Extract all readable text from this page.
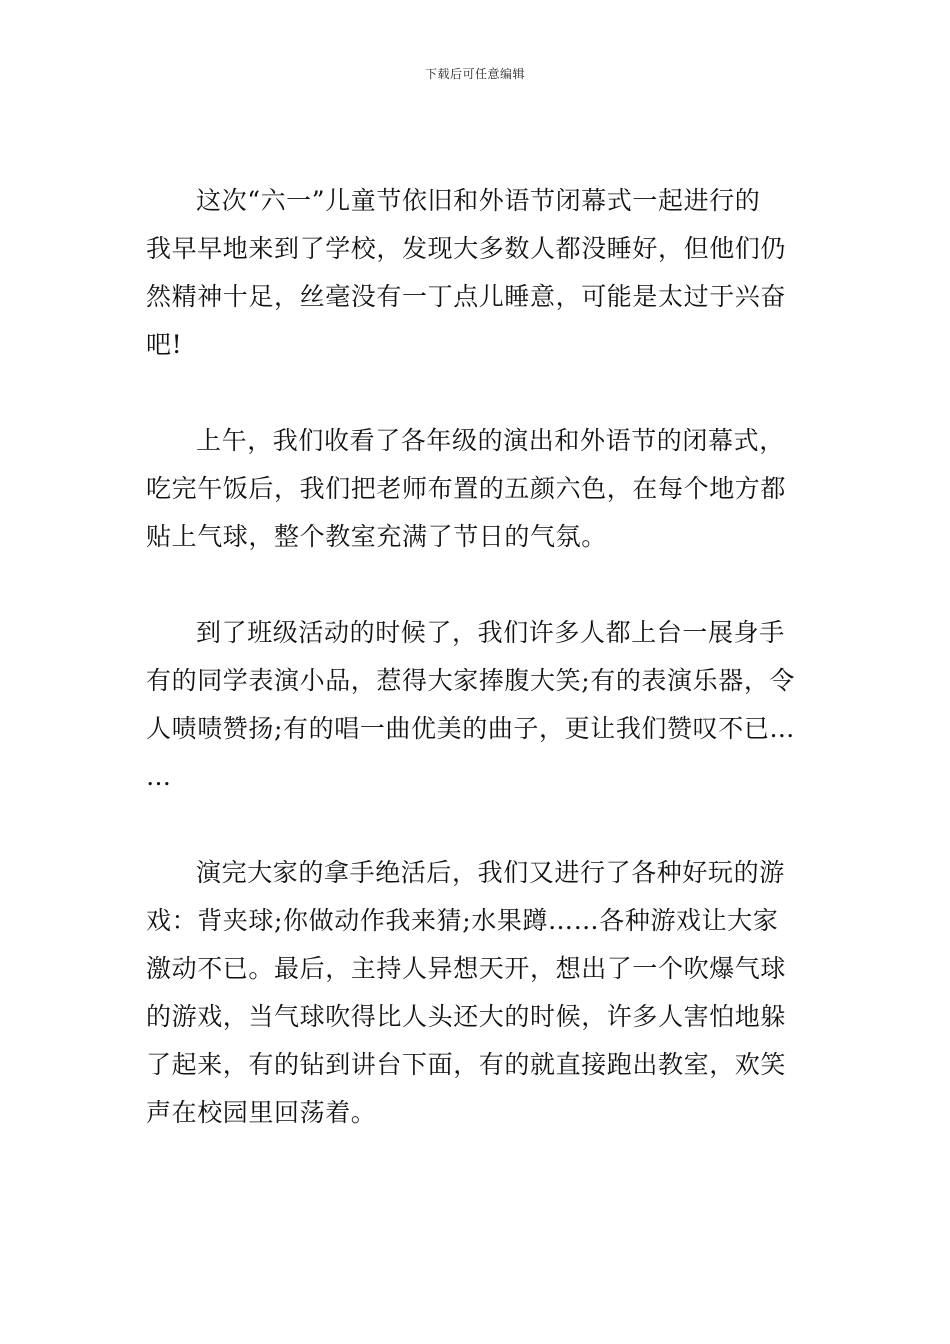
下载后可任意编辑

这次“六一”儿童节依旧和外语节闭幕式一起进行的
我早早地来到了学校，发现大多数人都没睡好，但他们仍
然精神十足，丝毫没有一丁点儿睡意，可能是太过于兴奋
吧!

上午，我们收看了各年级的演出和外语节的闭幕式，
吃完午饭后，我们把老师布置的五颜六色，在每个地方都
贴上气球，整个教室充满了节日的气氛。

到了班级活动的时候了，我们许多人都上台一展身手
有的同学表演小品，惹得大家捧腹大笑;有的表演乐器，令
人啧啧赞扬;有的唱一曲优美的曲子，更让我们赞叹不已…
…

演完大家的拿手绝活后，我们又进行了各种好玩的游
戏：背夹球;你做动作我来猜;水果蹲……各种游戏让大家
激动不已。最后，主持人异想天开，想出了一个吹爆气球
的游戏，当气球吹得比人头还大的时候，许多人害怕地躲
了起来，有的钻到讲台下面，有的就直接跑出教室，欢笑
声在校园里回荡着。
